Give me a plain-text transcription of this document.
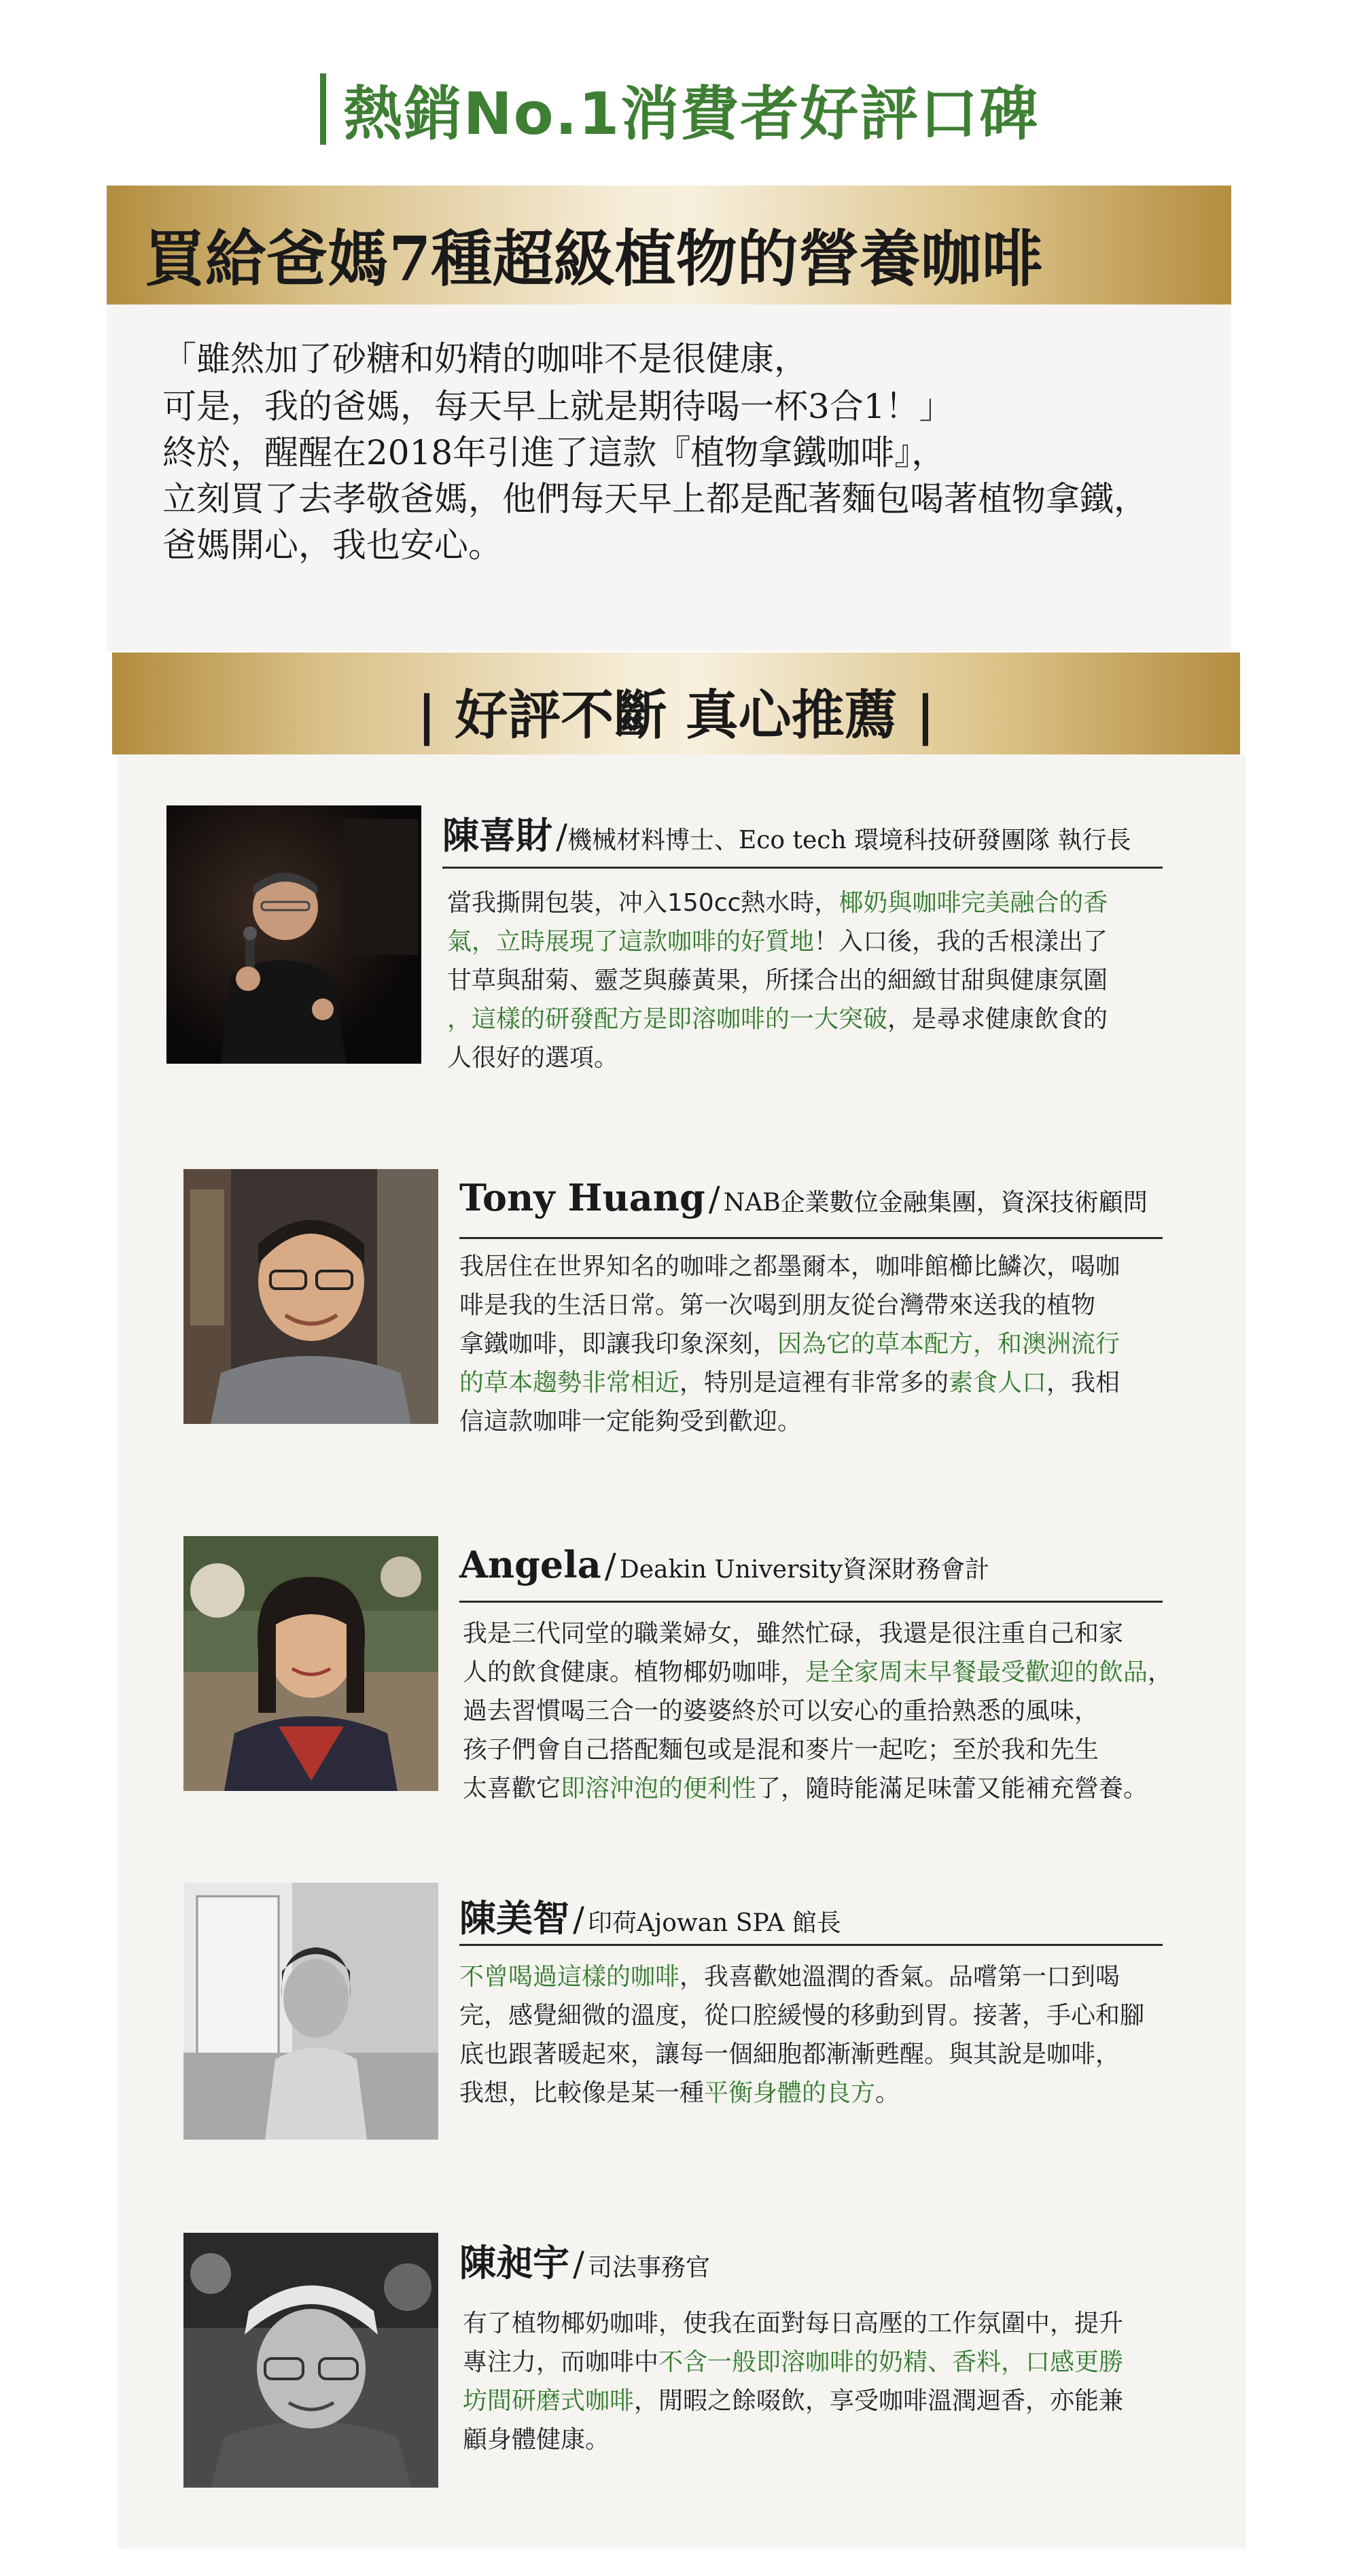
熱銷No.1消費者好評口碑
買給爸媽7種超級植物的營養咖啡
「雖然加了砂糖和奶精的咖啡不是很健康，
可是，我的爸媽，每天早上就是期待喝一杯3合1！」
終於，醒醒在2018年引進了這款『植物拿鐵咖啡』，
立刻買了去孝敬爸媽，他們每天早上都是配著麵包喝著植物拿鐵，
爸媽開心，我也安心。
| 好評不斷 真心推薦 |
陳喜財 /機械材料博士、Eco tech 環境科技研發團隊 執行長
當我撕開包裝，冲入150cc熱水時，椰奶與咖啡完美融合的香
氣，立時展現了這款咖啡的好質地！入口後，我的舌根漾出了
甘草與甜菊、靈芝與藤黃果，所揉合出的細緻甘甜與健康氛圍
，這樣的研發配方是即溶咖啡的一大突破，是尋求健康飲食的
人很好的選項。
Tony Huang / NAB企業數位金融集團，資深技術顧問
我居住在世界知名的咖啡之都墨爾本，咖啡館櫛比鱗次，喝咖
啡是我的生活日常。第一次喝到朋友從台灣帶來送我的植物
拿鐵咖啡，即讓我印象深刻，因為它的草本配方，和澳洲流行
的草本趨勢非常相近，特別是這裡有非常多的素食人口，我相
信這款咖啡一定能夠受到歡迎。
Angela / Deakin University資深財務會計
我是三代同堂的職業婦女，雖然忙碌，我還是很注重自己和家
人的飲食健康。植物椰奶咖啡，是全家周末早餐最受歡迎的飲品，
過去習慣喝三合一的婆婆終於可以安心的重拾熟悉的風味，
孩子們會自己搭配麵包或是混和麥片一起吃；至於我和先生
太喜歡它即溶沖泡的便利性了，隨時能滿足味蕾又能補充營養。
陳美智 / 印荷Ajowan SPA 館長
不曾喝過這樣的咖啡，我喜歡她溫潤的香氣。品嚐第一口到喝
完，感覺細微的溫度，從口腔緩慢的移動到胃。接著，手心和腳
底也跟著暖起來，讓每一個細胞都漸漸甦醒。與其說是咖啡，
我想，比較像是某一種平衡身體的良方。
陳昶宇 / 司法事務官
有了植物椰奶咖啡，使我在面對每日高壓的工作氛圍中，提升
專注力，而咖啡中不含一般即溶咖啡的奶精、香料，口感更勝
坊間研磨式咖啡，閒暇之餘啜飲，享受咖啡溫潤迴香，亦能兼
顧身體健康。
